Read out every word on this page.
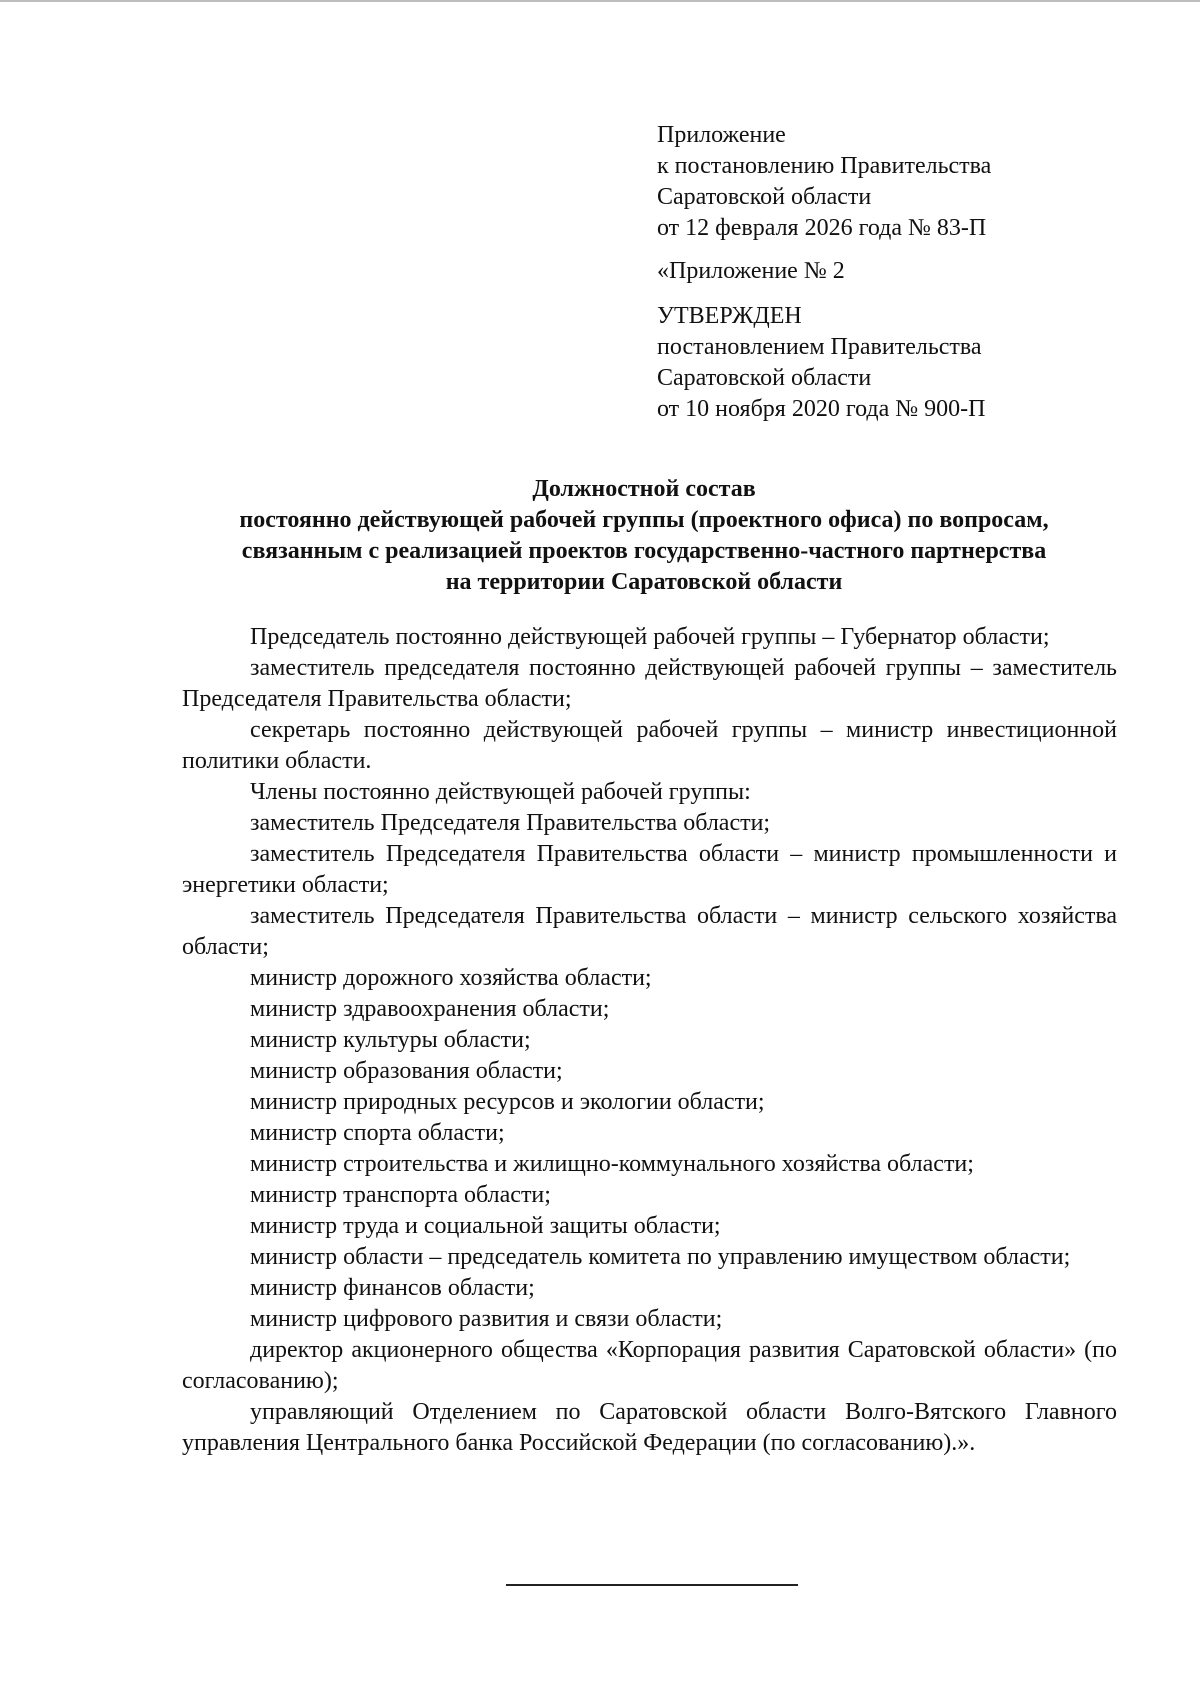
Приложение
к постановлению Правительства
Саратовской области
от 12 февраля 2026 года № 83-П
«Приложение № 2
УТВЕРЖДЕН
постановлением Правительства
Саратовской области
от 10 ноября 2020 года № 900-П
Должностной состав
постоянно действующей рабочей группы (проектного офиса) по вопросам,
связанным с реализацией проектов государственно-частного партнерства
на территории Саратовской области

Председатель постоянно действующей рабочей группы – Губернатор области;

заместитель председателя постоянно действующей рабочей группы – заместитель Председателя Правительства области;

секретарь постоянно действующей рабочей группы – министр инвестиционной политики области.

Члены постоянно действующей рабочей группы:

заместитель Председателя Правительства области;

заместитель Председателя Правительства области – министр промышленности и энергетики области;

заместитель Председателя Правительства области – министр сельского хозяйства области;

министр дорожного хозяйства области;

министр здравоохранения области;

министр культуры области;

министр образования области;

министр природных ресурсов и экологии области;

министр спорта области;

министр строительства и жилищно-коммунального хозяйства области;

министр транспорта области;

министр труда и социальной защиты области;

министр области – председатель комитета по управлению имуществом области;

министр финансов области;

министр цифрового развития и связи области;

директор акционерного общества «Корпорация развития Саратовской области» (по согласованию);

управляющий Отделением по Саратовской области Волго-Вятского Главного управления Центрального банка Российской Федерации (по согласованию).».
